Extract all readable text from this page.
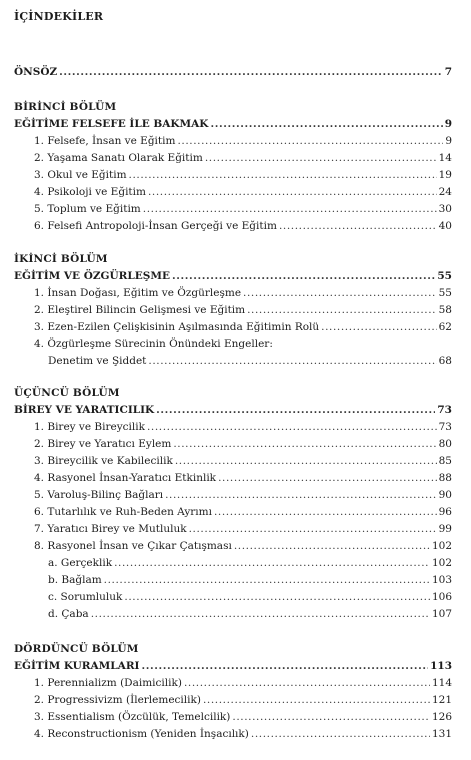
İÇİNDEKİLER
ÖNSÖZ .....	7
BİRİNCİ BÖLÜM
EĞİTİME FELSEFE İLE BAKMAK .....	9
1. Felsefe, İnsan ve Eğitim .....	9
2. Yaşama Sanatı Olarak Eğitim .....	14
3. Okul ve Eğitim .....	19
4. Psikoloji ve Eğitim .....	24
5. Toplum ve Eğitim .....	30
6. Felsefi Antropoloji-İnsan Gerçeği ve Eğitim .....	40
İKİNCİ BÖLÜM
EĞİTİM VE ÖZGÜRLEŞME .....	55
1. İnsan Doğası, Eğitim ve Özgürleşme .....	55
2. Eleştirel Bilincin Gelişmesi ve Eğitim .....	58
3. Ezen-Ezilen Çelişkisinin Aşılmasında Eğitimin Rolü .....	62
4. Özgürleşme Sürecinin Önündeki Engeller:
Denetim ve Şiddet .....	68
ÜÇÜNCÜ BÖLÜM
BİREY VE YARATICILIK .....	73
1. Birey ve Bireycilik .....	73
2. Birey ve Yaratıcı Eylem .....	80
3. Bireycilik ve Kabilecilik .....	85
4. Rasyonel İnsan-Yaratıcı Etkinlik .....	88
5. Varoluş-Bilinç Bağları .....	90
6. Tutarlılık ve Ruh-Beden Ayrımı .....	96
7. Yaratıcı Birey ve Mutluluk .....	99
8. Rasyonel İnsan ve Çıkar Çatışması .....	102
a. Gerçeklik .....	102
b. Bağlam .....	103
c. Sorumluluk .....	106
d. Çaba .....	107
DÖRDÜNCÜ BÖLÜM
EĞİTİM KURAMLARI .....	113
1. Perennializm (Daimicilik) .....	114
2. Progressivizm (İlerlemecilik) .....	121
3. Essentialism (Özcülük, Temelcilik) .....	126
4. Reconstructionism (Yeniden İnşacılık) .....	131
